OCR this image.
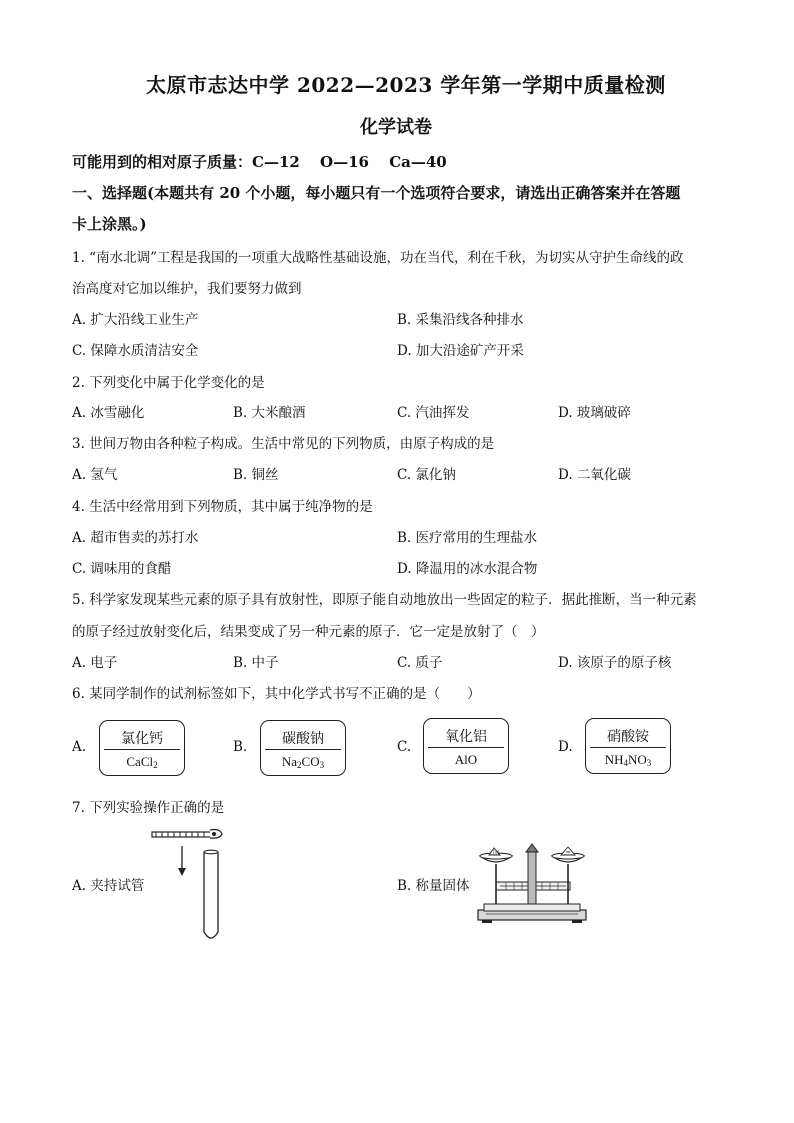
太原市志达中学 2022—2023 学年第一学期中质量检测
化学试卷
可能用到的相对原子质量：C—12　 O—16　 Ca—40
一、选择题(本题共有 20 个小题，每小题只有一个选项符合要求，请选出正确答案并在答题
卡上涂黑。)
1. “南水北调”工程是我国的一项重大战略性基础设施，功在当代，利在千秋，为切实从守护生命线的政
治高度对它加以维护，我们要努力做到
A. 扩大沿线工业生产	B. 采集沿线各种排水
C. 保障水质清洁安全	D. 加大沿途矿产开采
2. 下列变化中属于化学变化的是
A. 冰雪融化	B. 大米酿酒	C. 汽油挥发	D. 玻璃破碎
3. 世间万物由各种粒子构成。生活中常见的下列物质，由原子构成的是
A. 氢气	B. 铜丝	C. 氯化钠	D. 二氧化碳
4. 生活中经常用到下列物质，其中属于纯净物的是
A. 超市售卖的苏打水	B. 医疗常用的生理盐水
C. 调味用的食醋	D. 降温用的冰水混合物
5. 科学家发现某些元素的原子具有放射性，即原子能自动地放出一些固定的粒子．据此推断，当一种元素
的原子经过放射变化后，结果变成了另一种元素的原子．它一定是放射了（　）
A. 电子	B. 中子	C. 质子	D. 该原子的原子核
6. 某同学制作的试剂标签如下，其中化学式书写不正确的是（　　）
A.	B.	C.	D.
氯化钙
CaCl$_2$
碳酸钠
$Na_2CO_3$
氧化铝
AlO
硝酸铵
$NH_4NO_3$
7. 下列实验操作正确的是
A. 夹持试管	B. 称量固体
固	≈
